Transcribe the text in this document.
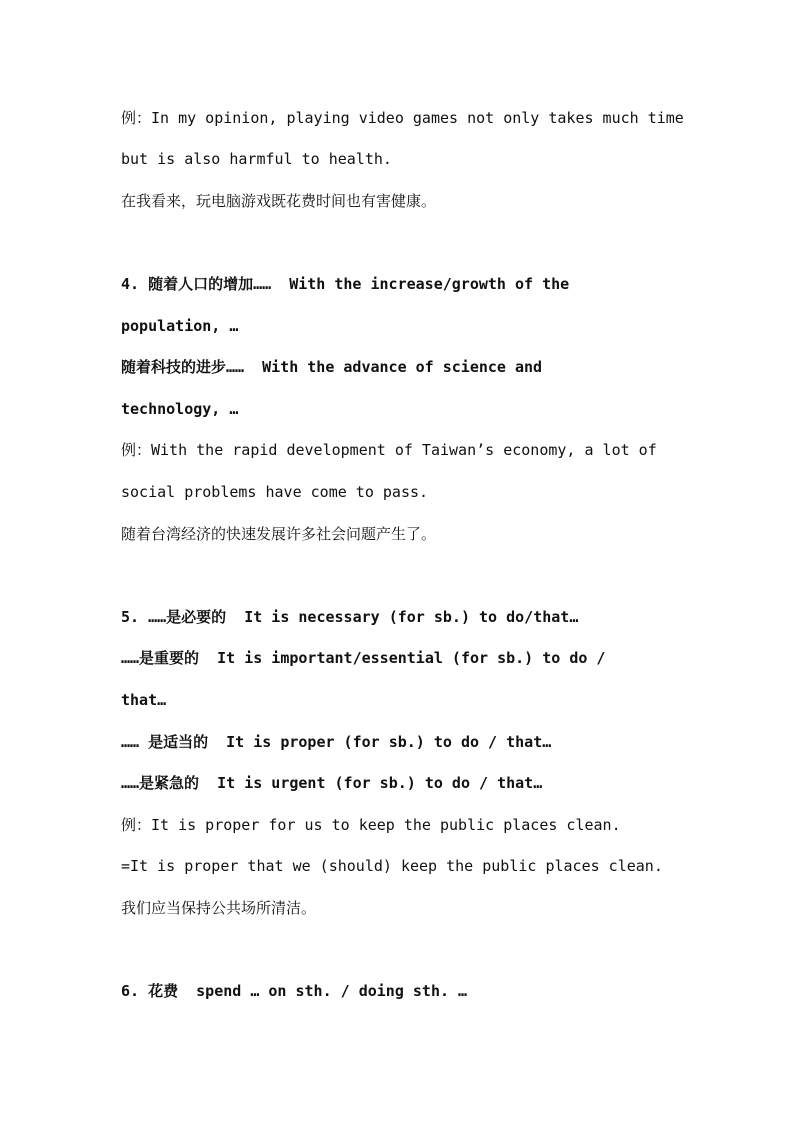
例：In my opinion, playing video games not only takes much time
but is also harmful to health.
在我看来，玩电脑游戏既花费时间也有害健康。
4. 随着人口的增加……  With the increase/growth of the
population, …
随着科技的进步……  With the advance of science and
technology, …
例：With the rapid development of Taiwan’s economy, a lot of
social problems have come to pass.
随着台湾经济的快速发展许多社会问题产生了。
5. ……是必要的  It is necessary (for sb.) to do/that…
……是重要的  It is important/essential (for sb.) to do /
that…
…… 是适当的  It is proper (for sb.) to do / that…
……是紧急的  It is urgent (for sb.) to do / that…
例：It is proper for us to keep the public places clean.
=It is proper that we (should) keep the public places clean.
我们应当保持公共场所清洁。
6. 花费  spend … on sth. / doing sth. …
